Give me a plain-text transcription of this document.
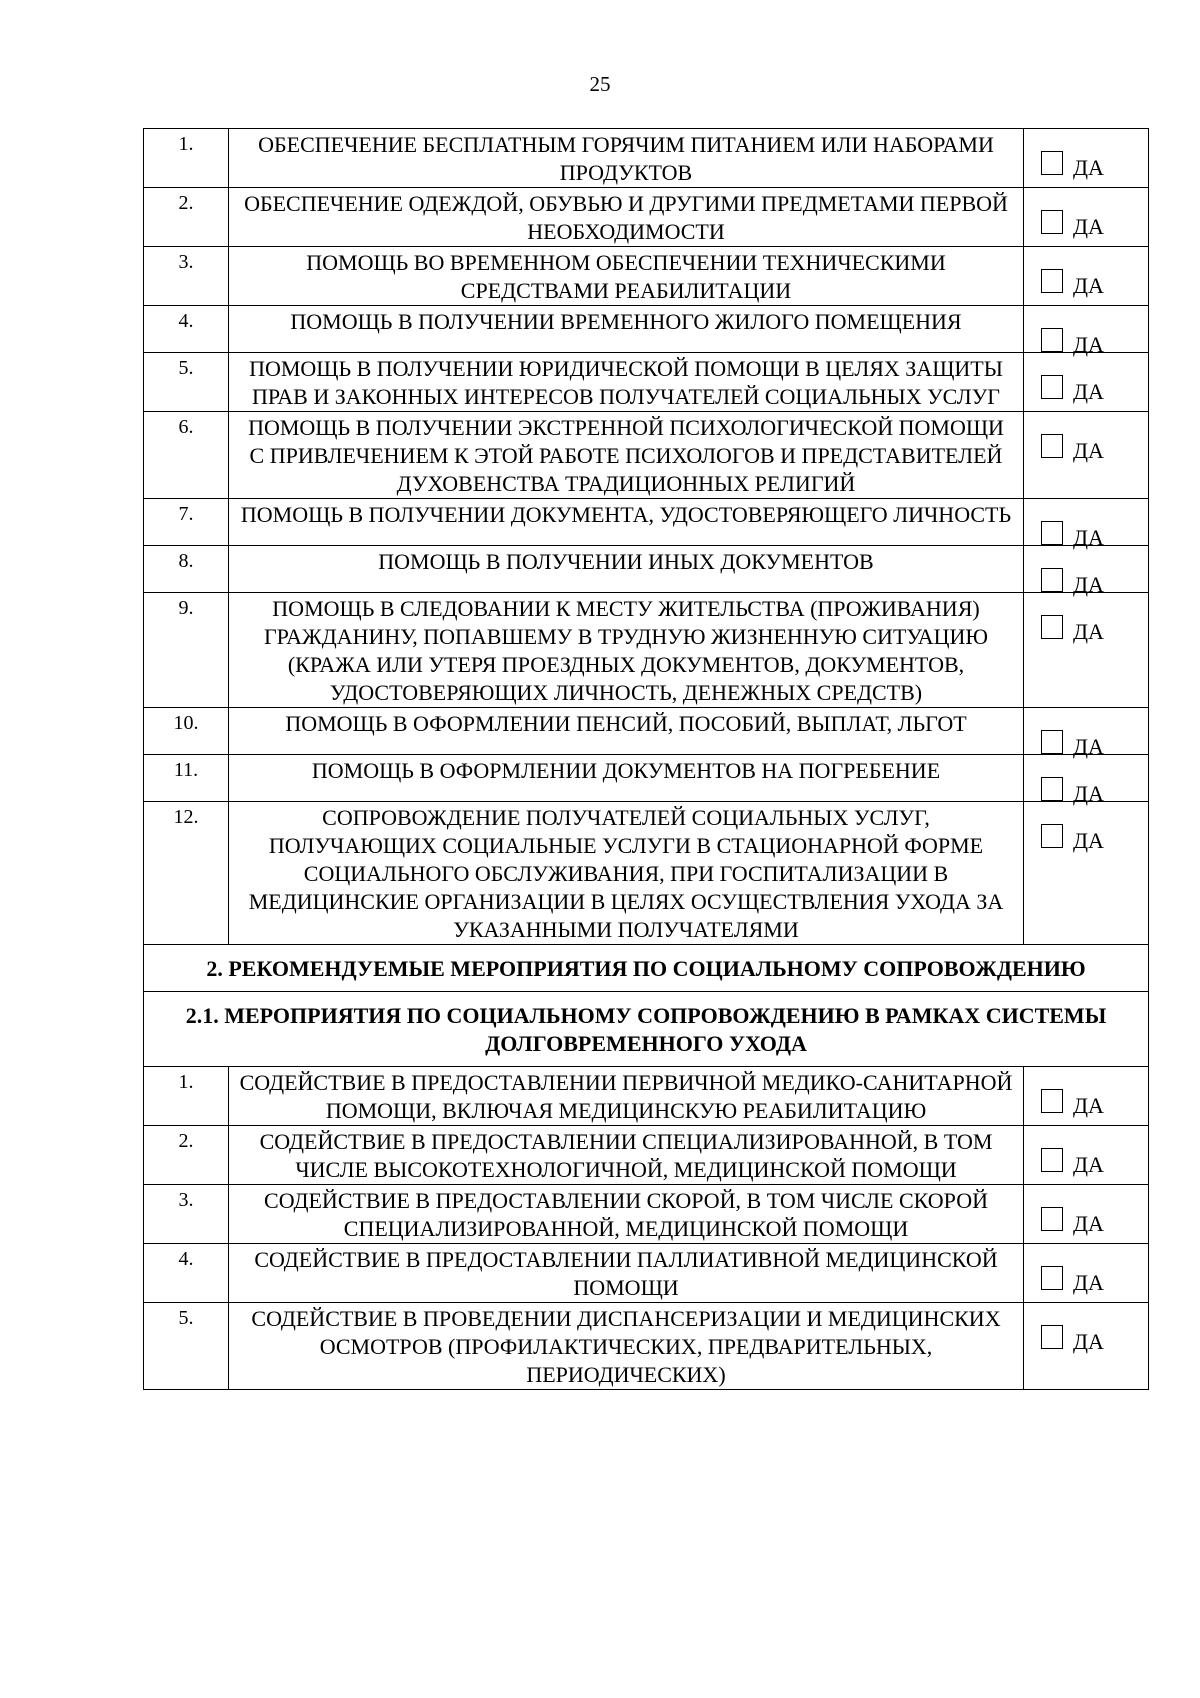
25
1.	ОБЕСПЕЧЕНИЕ БЕСПЛАТНЫМ ГОРЯЧИМ ПИТАНИЕМ ИЛИ НАБОРАМИ ПРОДУКТОВ	ДА

2.	ОБЕСПЕЧЕНИЕ ОДЕЖДОЙ, ОБУВЬЮ И ДРУГИМИ ПРЕДМЕТАМИ ПЕРВОЙ НЕОБХОДИМОСТИ	ДА

3.	ПОМОЩЬ ВО ВРЕМЕННОМ ОБЕСПЕЧЕНИИ ТЕХНИЧЕСКИМИ СРЕДСТВАМИ РЕАБИЛИТАЦИИ	ДА

4.	ПОМОЩЬ В ПОЛУЧЕНИИ ВРЕМЕННОГО ЖИЛОГО ПОМЕЩЕНИЯ	ДА

5.	ПОМОЩЬ В ПОЛУЧЕНИИ ЮРИДИЧЕСКОЙ ПОМОЩИ В ЦЕЛЯХ ЗАЩИТЫ ПРАВ И ЗАКОННЫХ ИНТЕРЕСОВ ПОЛУЧАТЕЛЕЙ СОЦИАЛЬНЫХ УСЛУГ	ДА

6.	ПОМОЩЬ В ПОЛУЧЕНИИ ЭКСТРЕННОЙ ПСИХОЛОГИЧЕСКОЙ ПОМОЩИ С ПРИВЛЕЧЕНИЕМ К ЭТОЙ РАБОТЕ ПСИХОЛОГОВ И ПРЕДСТАВИТЕЛЕЙ ДУХОВЕНСТВА ТРАДИЦИОННЫХ РЕЛИГИЙ	ДА

7.	ПОМОЩЬ В ПОЛУЧЕНИИ ДОКУМЕНТА, УДОСТОВЕРЯЮЩЕГО ЛИЧНОСТЬ	ДА

8.	ПОМОЩЬ В ПОЛУЧЕНИИ ИНЫХ ДОКУМЕНТОВ	ДА

9.	ПОМОЩЬ В СЛЕДОВАНИИ К МЕСТУ ЖИТЕЛЬСТВА (ПРОЖИВАНИЯ) ГРАЖДАНИНУ, ПОПАВШЕМУ В ТРУДНУЮ ЖИЗНЕННУЮ СИТУАЦИЮ (КРАЖА ИЛИ УТЕРЯ ПРОЕЗДНЫХ ДОКУМЕНТОВ, ДОКУМЕНТОВ, УДОСТОВЕРЯЮЩИХ ЛИЧНОСТЬ, ДЕНЕЖНЫХ СРЕДСТВ)	ДА

10.	ПОМОЩЬ В ОФОРМЛЕНИИ ПЕНСИЙ, ПОСОБИЙ, ВЫПЛАТ, ЛЬГОТ	ДА

11.	ПОМОЩЬ В ОФОРМЛЕНИИ ДОКУМЕНТОВ НА ПОГРЕБЕНИЕ	ДА

12.	СОПРОВОЖДЕНИЕ ПОЛУЧАТЕЛЕЙ СОЦИАЛЬНЫХ УСЛУГ, ПОЛУЧАЮЩИХ СОЦИАЛЬНЫЕ УСЛУГИ В СТАЦИОНАРНОЙ ФОРМЕ СОЦИАЛЬНОГО ОБСЛУЖИВАНИЯ, ПРИ ГОСПИТАЛИЗАЦИИ В МЕДИЦИНСКИЕ ОРГАНИЗАЦИИ В ЦЕЛЯХ ОСУЩЕСТВЛЕНИЯ УХОДА ЗА УКАЗАННЫМИ ПОЛУЧАТЕЛЯМИ	ДА

2. РЕКОМЕНДУЕМЫЕ МЕРОПРИЯТИЯ ПО СОЦИАЛЬНОМУ СОПРОВОЖДЕНИЮ		
2.1. МЕРОПРИЯТИЯ ПО СОЦИАЛЬНОМУ СОПРОВОЖДЕНИЮ В РАМКАХ СИСТЕМЫ ДОЛГОВРЕМЕННОГО УХОДА		
1.	СОДЕЙСТВИЕ В ПРЕДОСТАВЛЕНИИ ПЕРВИЧНОЙ МЕДИКО-САНИТАРНОЙ ПОМОЩИ, ВКЛЮЧАЯ МЕДИЦИНСКУЮ РЕАБИЛИТАЦИЮ	ДА

2.	СОДЕЙСТВИЕ В ПРЕДОСТАВЛЕНИИ СПЕЦИАЛИЗИРОВАННОЙ, В ТОМ ЧИСЛЕ ВЫСОКОТЕХНОЛОГИЧНОЙ, МЕДИЦИНСКОЙ ПОМОЩИ	ДА

3.	СОДЕЙСТВИЕ В ПРЕДОСТАВЛЕНИИ СКОРОЙ, В ТОМ ЧИСЛЕ СКОРОЙ СПЕЦИАЛИЗИРОВАННОЙ, МЕДИЦИНСКОЙ ПОМОЩИ	ДА

4.	СОДЕЙСТВИЕ В ПРЕДОСТАВЛЕНИИ ПАЛЛИАТИВНОЙ МЕДИЦИНСКОЙ ПОМОЩИ	ДА

5.	СОДЕЙСТВИЕ В ПРОВЕДЕНИИ ДИСПАНСЕРИЗАЦИИ И МЕДИЦИНСКИХ ОСМОТРОВ (ПРОФИЛАКТИЧЕСКИХ, ПРЕДВАРИТЕЛЬНЫХ, ПЕРИОДИЧЕСКИХ)	ДА
